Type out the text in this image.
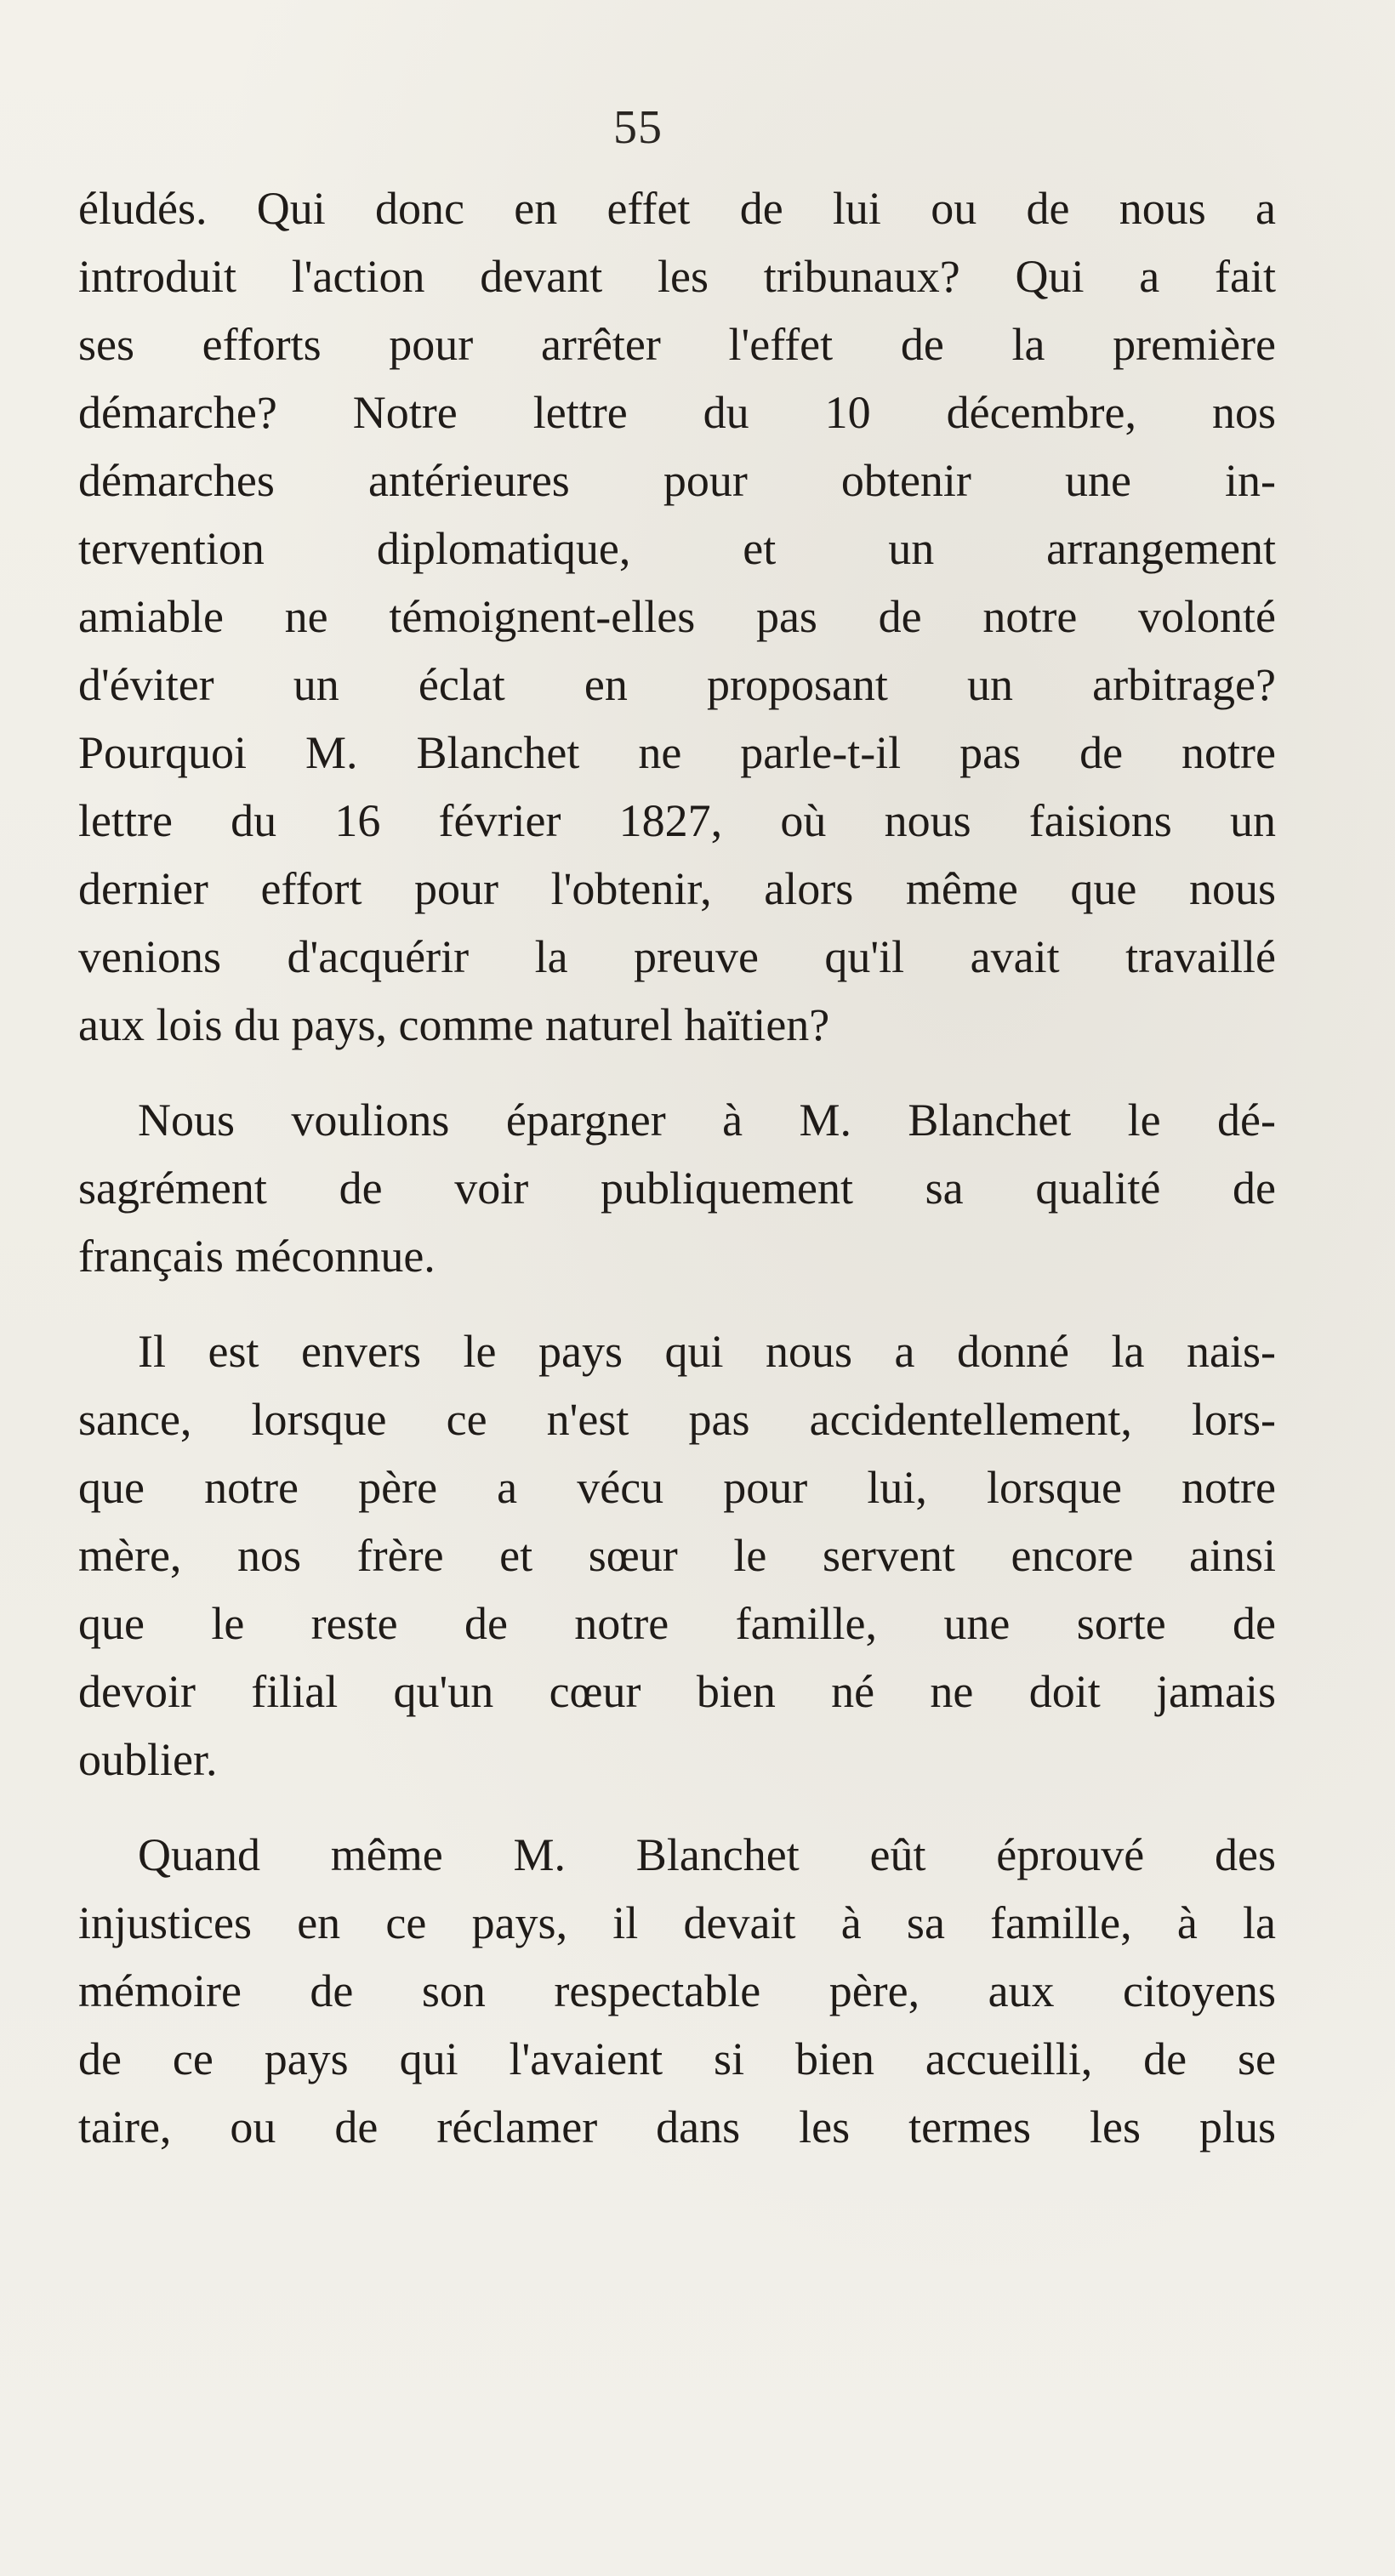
55
éludés. Qui donc en effet de lui ou de nous a
introduit l'action devant les tribunaux? Qui a fait
ses efforts pour arrêter l'effet de la première
démarche? Notre lettre du 10 décembre, nos
démarches antérieures pour obtenir une in-
tervention diplomatique, et un arrangement
amiable ne témoignent-elles pas de notre volonté
d'éviter un éclat en proposant un arbitrage?
Pourquoi M. Blanchet ne parle-t-il pas de notre
lettre du 16 février 1827, où nous faisions un
dernier effort pour l'obtenir, alors même que nous
venions d'acquérir la preuve qu'il avait travaillé
aux lois du pays, comme naturel haïtien?
Nous voulions épargner à M. Blanchet le dé-
sagrément de voir publiquement sa qualité de
français méconnue.
Il est envers le pays qui nous a donné la nais-
sance, lorsque ce n'est pas accidentellement, lors-
que notre père a vécu pour lui, lorsque notre
mère, nos frère et sœur le servent encore ainsi
que le reste de notre famille, une sorte de
devoir filial qu'un cœur bien né ne doit jamais
oublier.
Quand même M. Blanchet eût éprouvé des
injustices en ce pays, il devait à sa famille, à la
mémoire de son respectable père, aux citoyens
de ce pays qui l'avaient si bien accueilli, de se
taire, ou de réclamer dans les termes les plus
